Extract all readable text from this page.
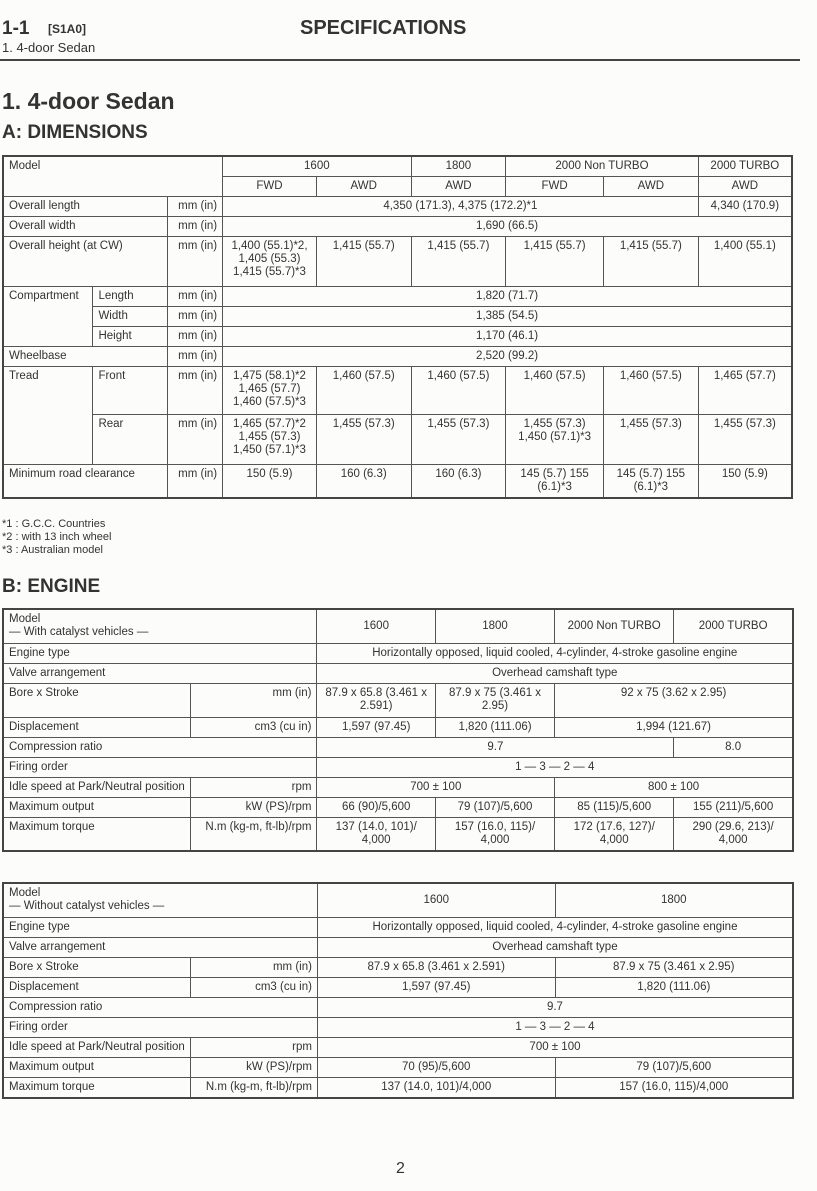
1-1 [S1A0]
1. 4-door Sedan
SPECIFICATIONS
1. 4-door Sedan
A: DIMENSIONS
Model			1600		1800	2000 Non TURBO		2000 TURBO
			FWD	AWD	AWD	FWD	AWD	AWD
Overall length		mm (in)	4,350 (171.3), 4,375 (172.2)*1					4,340 (170.9)
Overall width		mm (in)	1,690 (66.5)					
Overall height (at CW)		mm (in)	1,400 (55.1)*2, 1,405 (55.3) 1,415 (55.7)*3	1,415 (55.7)	1,415 (55.7)	1,415 (55.7)	1,415 (55.7)	1,400 (55.1)
Compartment	Length	mm (in)	1,820 (71.7)					
	Width	mm (in)	1,385 (54.5)					
	Height	mm (in)	1,170 (46.1)					
Wheelbase		mm (in)	2,520 (99.2)					
Tread	Front	mm (in)	1,475 (58.1)*2 1,465 (57.7) 1,460 (57.5)*3	1,460 (57.5)	1,460 (57.5)	1,460 (57.5)	1,460 (57.5)	1,465 (57.7)
	Rear	mm (in)	1,465 (57.7)*2 1,455 (57.3) 1,450 (57.1)*3	1,455 (57.3)	1,455 (57.3)	1,455 (57.3) 1,450 (57.1)*3	1,455 (57.3)	1,455 (57.3)
Minimum road clearance		mm (in)	150 (5.9)	160 (6.3)	160 (6.3)	145 (5.7) 155 (6.1)*3	145 (5.7) 155 (6.1)*3	150 (5.9)
*1 : G.C.C. Countries
*2 : with 13 inch wheel
*3 : Australian model
B: ENGINE
Model
— With catalyst vehicles —		1600	1800	2000 Non TURBO	2000 TURBO
Engine type		Horizontally opposed, liquid cooled, 4-cylinder, 4-stroke gasoline engine			
Valve arrangement		Overhead camshaft type			
Bore x Stroke	mm (in)	87.9 x 65.8 (3.461 x 2.591)	87.9 x 75 (3.461 x 2.95)	92 x 75 (3.62 x 2.95)	
Displacement	cm3 (cu in)	1,597 (97.45)	1,820 (111.06)	1,994 (121.67)	
Compression ratio		9.7			8.0
Firing order		1 — 3 — 2 — 4			
Idle speed at Park/Neutral position	rpm	700 ± 100		800 ± 100	
Maximum output	kW (PS)/rpm	66 (90)/5,600	79 (107)/5,600	85 (115)/5,600	155 (211)/5,600
Maximum torque	N.m (kg-m, ft-lb)/rpm	137 (14.0, 101)/ 4,000	157 (16.0, 115)/ 4,000	172 (17.6, 127)/ 4,000	290 (29.6, 213)/ 4,000
Model
— Without catalyst vehicles —		1600	1800
Engine type		Horizontally opposed, liquid cooled, 4-cylinder, 4-stroke gasoline engine	
Valve arrangement		Overhead camshaft type	
Bore x Stroke	mm (in)	87.9 x 65.8 (3.461 x 2.591)	87.9 x 75 (3.461 x 2.95)
Displacement	cm3 (cu in)	1,597 (97.45)	1,820 (111.06)
Compression ratio		9.7	
Firing order		1 — 3 — 2 — 4	
Idle speed at Park/Neutral position	rpm	700 ± 100	
Maximum output	kW (PS)/rpm	70 (95)/5,600	79 (107)/5,600
Maximum torque	N.m (kg-m, ft-lb)/rpm	137 (14.0, 101)/4,000	157 (16.0, 115)/4,000
2
